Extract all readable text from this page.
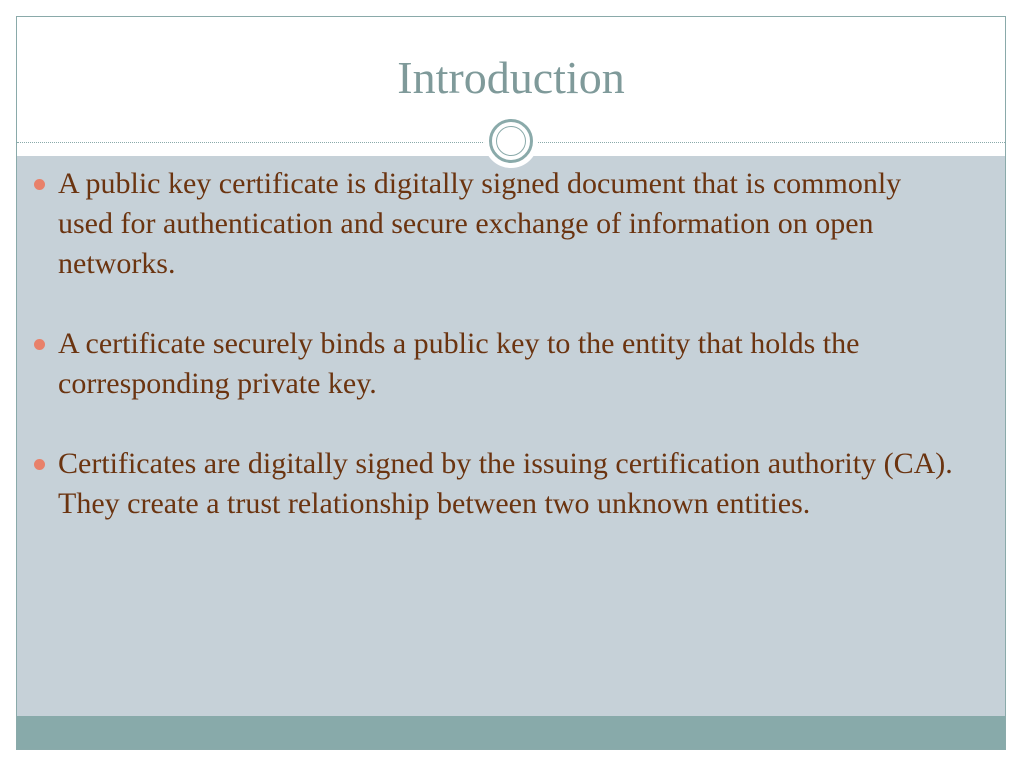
Introduction
A public key certificate is digitally signed document that is commonly used for authentication and secure exchange of information on open networks.
A certificate securely binds a public key to the entity that holds the corresponding private key.
Certificates are digitally signed by the issuing certification authority (CA). They create a trust relationship between two unknown entities.
